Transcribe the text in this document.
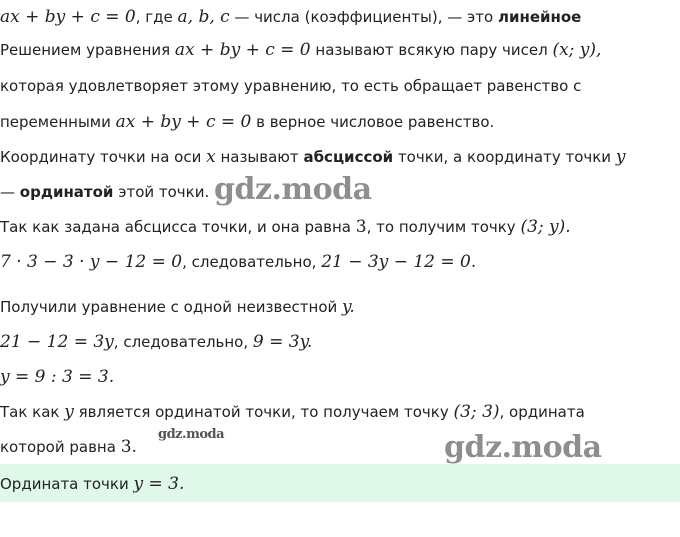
ax + by + c = 0, где a, b, c — числа (коэффициенты), — это линейное
Решением уравнения ax + by + c = 0 называют всякую пару чисел (x; y),
которая удовлетворяет этому уравнению, то есть обращает равенство с
переменными ax + by + c = 0 в верное числовое равенство.
Координату точки на оси x называют абсциссой точки, а координату точки y
— ординатой этой точки.
Так как задана абсцисса точки, и она равна 3, то получим точку (3; y).
7 · 3 − 3 · y − 12 = 0, следовательно, 21 − 3y − 12 = 0.
Получили уравнение с одной неизвестной y.
21 − 12 = 3y, следовательно, 9 = 3y.
y = 9 : 3 = 3.
Так как y является ординатой точки, то получаем точку (3; 3), ордината
которой равна 3.
Ордината точки y = 3.
gdz.moda
gdz.moda
gdz.moda
